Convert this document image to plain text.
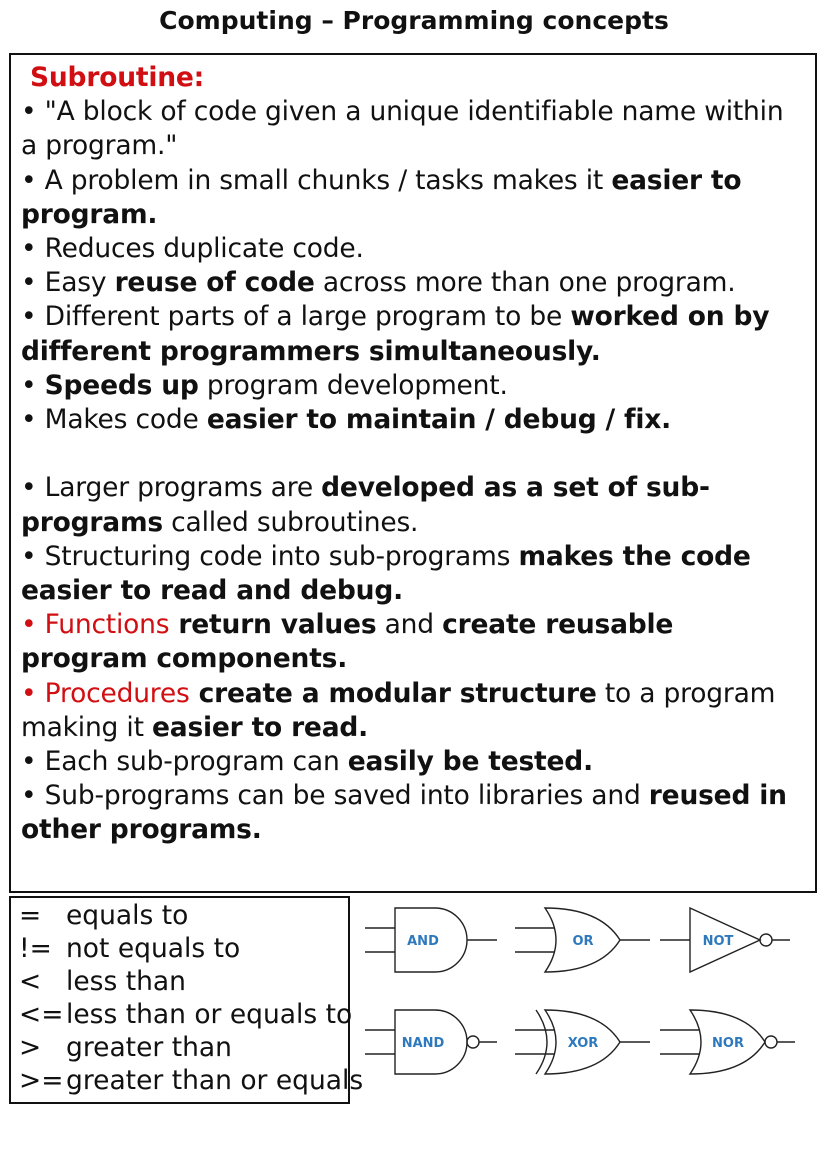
Computing – Programming concepts
Subroutine:

• "A block of code given a unique identifiable name within a program."

• A problem in small chunks / tasks makes it easier to program.

• Reduces duplicate code.

• Easy reuse of code across more than one program.

• Different parts of a large program to be worked on by different programmers simultaneously.

• Speeds up program development.

• Makes code easier to maintain / debug / fix.

• Larger programs are developed as a set of sub-programs called subroutines.

• Structuring code into sub-programs makes the code easier to read and debug.

• Functions return values and create reusable program components.

• Procedures create a modular structure to a program making it easier to read.

• Each sub-program can easily be tested.

• Sub-programs can be saved into libraries and reused in other programs.

= equals to
!= not equals to
< less than
<=less than or equals to
> greater than
>=greater than or equals
AND	OR	NOT
NAND	XOR	NOR
